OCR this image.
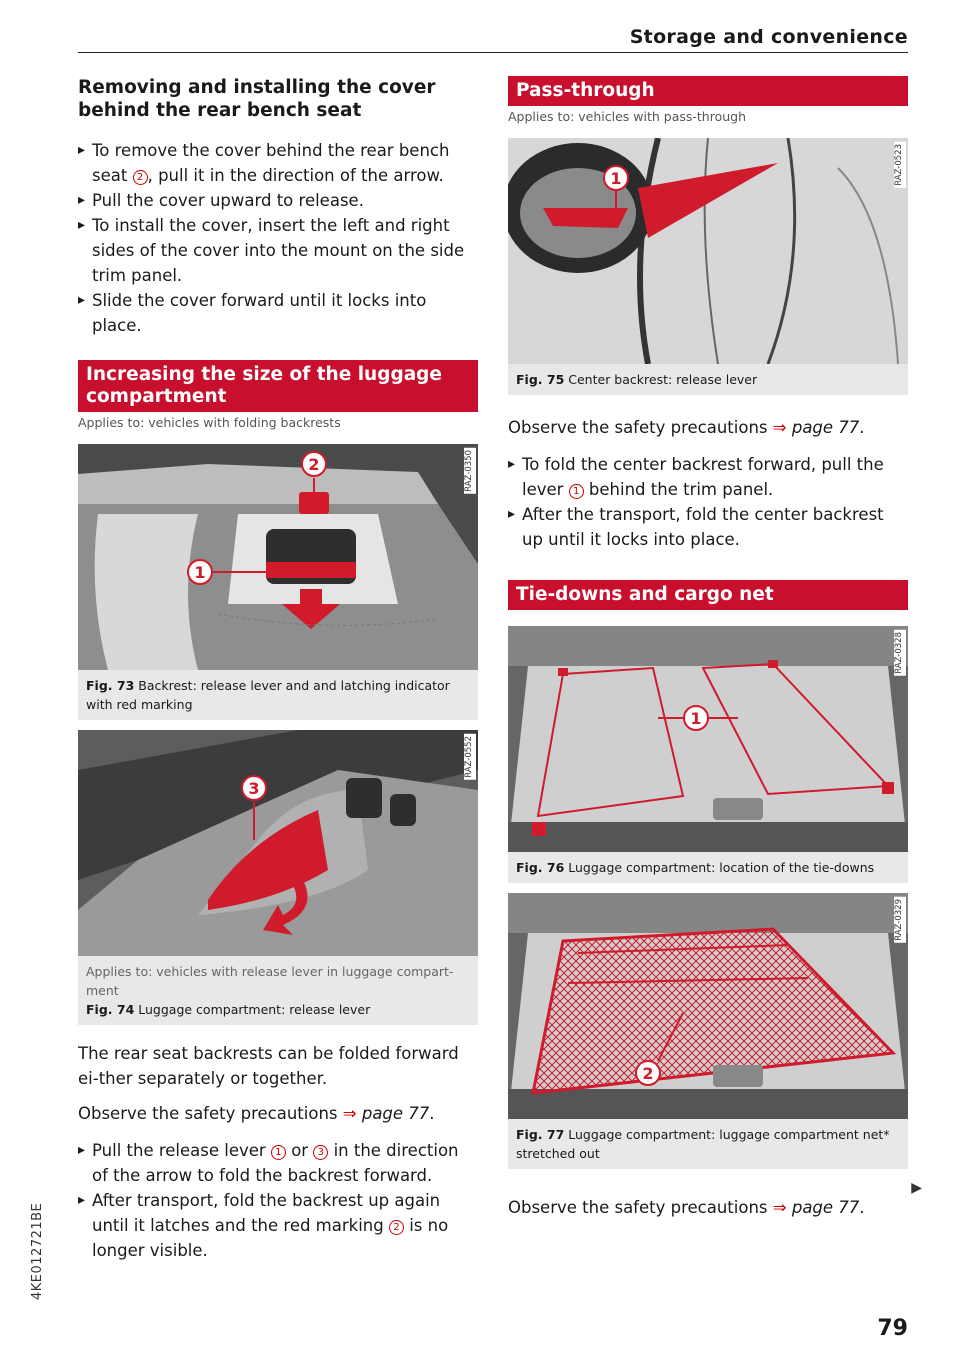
Storage and convenience
Removing and installing the cover behind the rear bench seat
▸ To remove the cover behind the rear bench seat 2 , pull it in the direction of the arrow.
▸ Pull the cover upward to release.
▸ To install the cover, insert the left and right sides of the cover into the mount on the side trim panel.
▸ Slide the cover forward until it locks into place.
Increasing the size of the luggage compartment
Applies to: vehicles with folding backrests
1
2	RAZ-0350
Fig. 73 Backrest: release lever and and latching indicator with red marking
3
RAZ-0552
Applies to: vehicles with release lever in luggage compart-ment
Fig. 74 Luggage compartment: release lever
The rear seat backrests can be folded forward ei-ther separately or together.
Observe the safety precautions ⇒ page 77.
▸ Pull the release lever 1 or 3 in the direction of the arrow to fold the backrest forward.
▸ After transport, fold the backrest up again until it latches and the red marking 2 is no longer visible.
Pass-through
Applies to: vehicles with pass-through
1	RAZ-0523
Fig. 75 Center backrest: release lever
Observe the safety precautions ⇒ page 77.
▸ To fold the center backrest forward, pull the lever 1 behind the trim panel.
▸ After the transport, fold the center backrest up until it locks into place.
Tie-downs and cargo net
1
RAZ-0328
Fig. 76 Luggage compartment: location of the tie-downs
2
RAZ-0329
Fig. 77 Luggage compartment: luggage compartment net* stretched out
Observe the safety precautions ⇒ page 77.
▶
4KE012721BE
79
